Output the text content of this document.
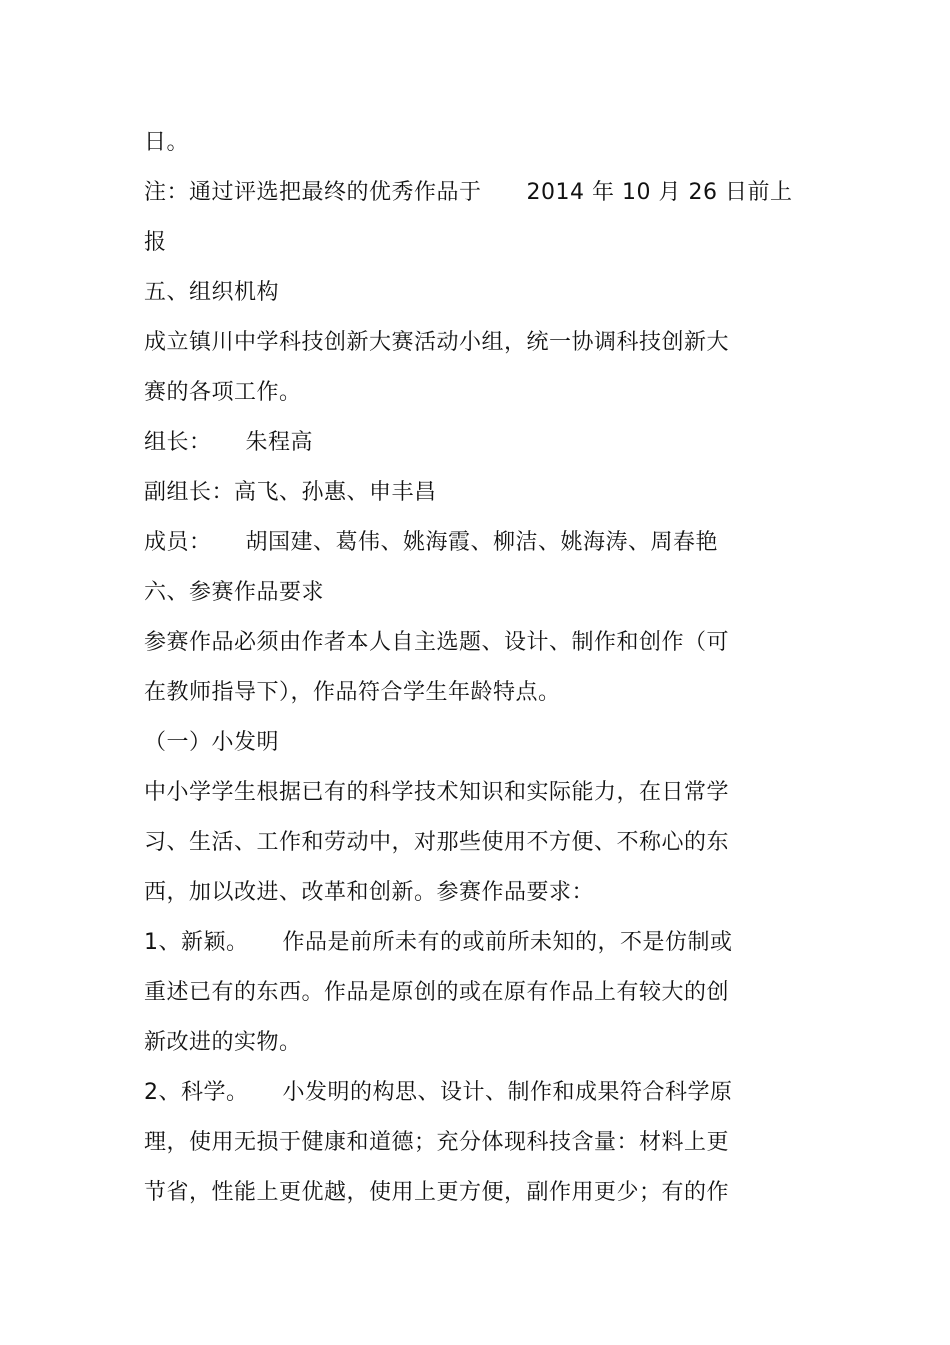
日。
注：通过评选把最终的优秀作品于　　2014 年 10 月 26 日前上
报
五、组织机构
成立镇川中学科技创新大赛活动小组，统一协调科技创新大
赛的各项工作。
组长：　　朱程高
副组长：高飞、孙惠、申丰昌
成员：　　胡国建、葛伟、姚海霞、柳洁、姚海涛、周春艳
六、参赛作品要求
参赛作品必须由作者本人自主选题、设计、制作和创作（可
在教师指导下），作品符合学生年龄特点。
（一）小发明
中小学学生根据已有的科学技术知识和实际能力，在日常学
习、生活、工作和劳动中，对那些使用不方便、不称心的东
西，加以改进、改革和创新。参赛作品要求：
1、新颖。　　作品是前所未有的或前所未知的，不是仿制或
重述已有的东西。作品是原创的或在原有作品上有较大的创
新改进的实物。
2、科学。　　小发明的构思、设计、制作和成果符合科学原
理，使用无损于健康和道德；充分体现科技含量：材料上更
节省，性能上更优越，使用上更方便，副作用更少；有的作
